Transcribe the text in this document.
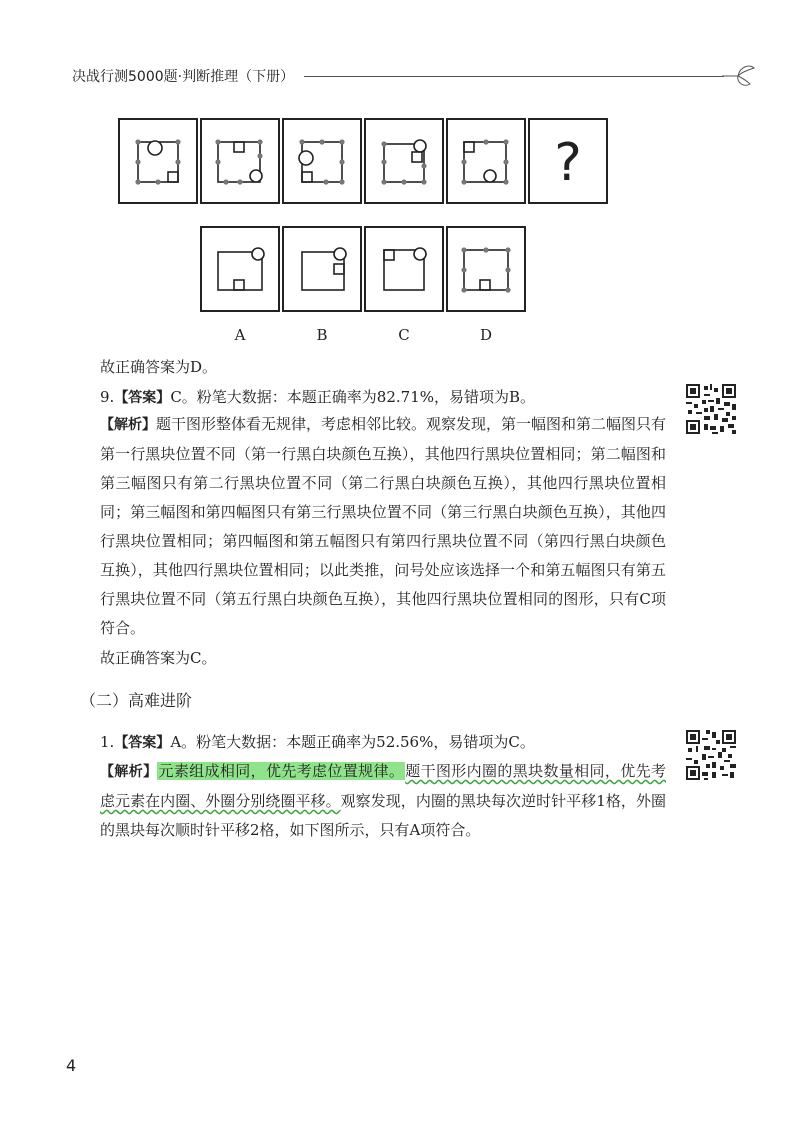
决战行测5000题·判断推理（下册）
?
A	B	C	D
故正确答案为D。
9.【答案】C。粉笔大数据：本题正确率为82.71%，易错项为B。
【解析】题干图形整体看无规律，考虑相邻比较。观察发现，第一幅图和第二幅图只有第一行黑块位置不同（第一行黑白块颜色互换），其他四行黑块位置相同；第二幅图和第三幅图只有第二行黑块位置不同（第二行黑白块颜色互换），其他四行黑块位置相同；第三幅图和第四幅图只有第三行黑块位置不同（第三行黑白块颜色互换），其他四行黑块位置相同；第四幅图和第五幅图只有第四行黑块位置不同（第四行黑白块颜色互换），其他四行黑块位置相同；以此类推，问号处应该选择一个和第五幅图只有第五行黑块位置不同（第五行黑白块颜色互换），其他四行黑块位置相同的图形，只有C项符合。
故正确答案为C。
（二）高难进阶
1.【答案】A。粉笔大数据：本题正确率为52.56%，易错项为C。
【解析】元素组成相同，优先考虑位置规律。题干图形内圈的黑块数量相同，优先考虑元素在内圈、外圈分别绕圈平移。观察发现，内圈的黑块每次逆时针平移1格，外圈的黑块每次顺时针平移2格，如下图所示，只有A项符合。
4
